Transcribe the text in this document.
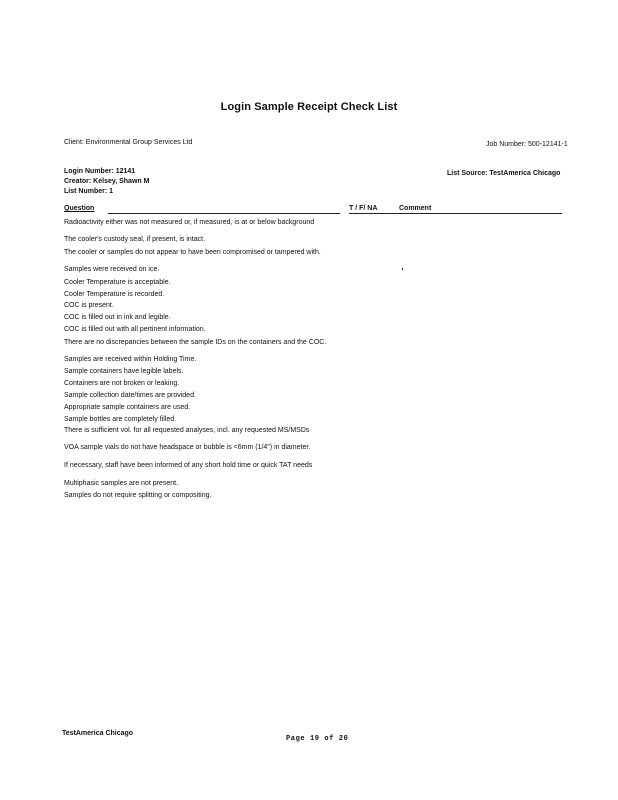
Login Sample Receipt Check List
Client: Environmental Group Services Ltd	Job Number: 500-12141-1
Login Number: 12141
Creator: Kelsey, Shawn M
List Number: 1
List Source: TestAmerica Chicago
Question	T / F/ NA	Comment
Radioactivity either was not measured or, if measured, is at or below background
The cooler's custody seal, if present, is intact.
The cooler or samples do not appear to have been compromised or tampered with.
Samples were received on ice.
Cooler Temperature is acceptable.
Cooler Temperature is recorded.
COC is present.
COC is filled out in ink and legible.
COC is filled out with all pertinent information.
There are no discrepancies between the sample IDs on the containers and the COC.
Samples are received within Holding Time.
Sample containers have legible labels.
Containers are not broken or leaking.
Sample collection date/times are provided.
Appropriate sample containers are used.
Sample bottles are completely filled.
There is sufficient vol. for all requested analyses, incl. any requested MS/MSDs
VOA sample vials do not have headspace or bubble is <6mm (1/4") in diameter.
If necessary, staff have been informed of any short hold time or quick TAT needs
Multiphasic samples are not present.
Samples do not require splitting or compositing.
TestAmerica Chicago
Page 19 of 20
